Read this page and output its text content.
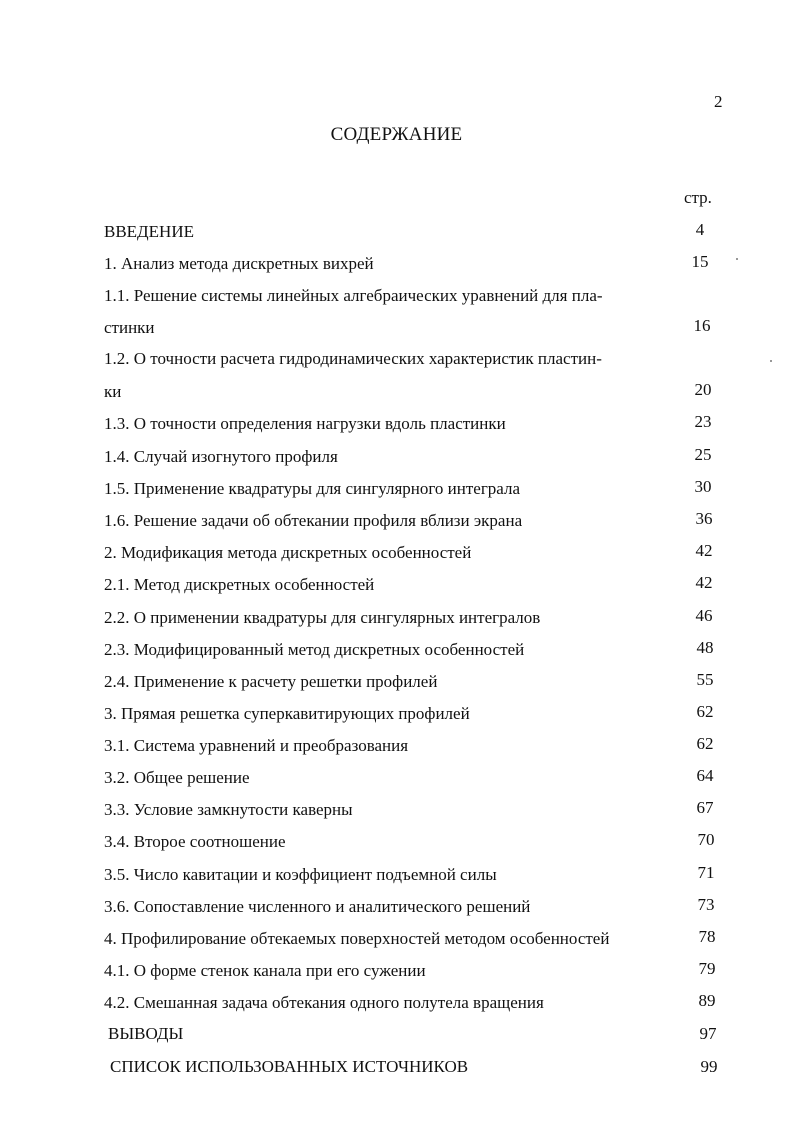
2
СОДЕРЖАНИЕ
стр.
ВВЕДЕНИЕ	4
1. Анализ метода дискретных вихрей	15
1.1. Решение системы линейных алгебраических уравнений для пла-
стинки	16
1.2. О точности расчета гидродинамических характеристик пластин-
ки	20
1.3. О точности определения нагрузки вдоль пластинки	23
1.4. Случай изогнутого профиля	25
1.5. Применение квадратуры для сингулярного интеграла	30
1.6. Решение задачи об обтекании профиля вблизи экрана	36
2. Модификация метода дискретных особенностей	42
2.1. Метод дискретных особенностей	42
2.2. О применении квадратуры для сингулярных интегралов	46
2.3. Модифицированный метод дискретных особенностей	48
2.4. Применение к расчету решетки профилей	55
3. Прямая решетка суперкавитирующих профилей	62
3.1. Система уравнений и преобразования	62
3.2. Общее решение	64
3.3. Условие замкнутости каверны	67
3.4. Второе соотношение	70
3.5. Число кавитации и коэффициент подъемной силы	71
3.6. Сопоставление численного и аналитического решений	73
4. Профилирование обтекаемых поверхностей методом особенностей	78
4.1. О форме стенок канала при его сужении	79
4.2. Смешанная задача обтекания одного полутела вращения	89
ВЫВОДЫ	97
СПИСОК ИСПОЛЬЗОВАННЫХ ИСТОЧНИКОВ	99
